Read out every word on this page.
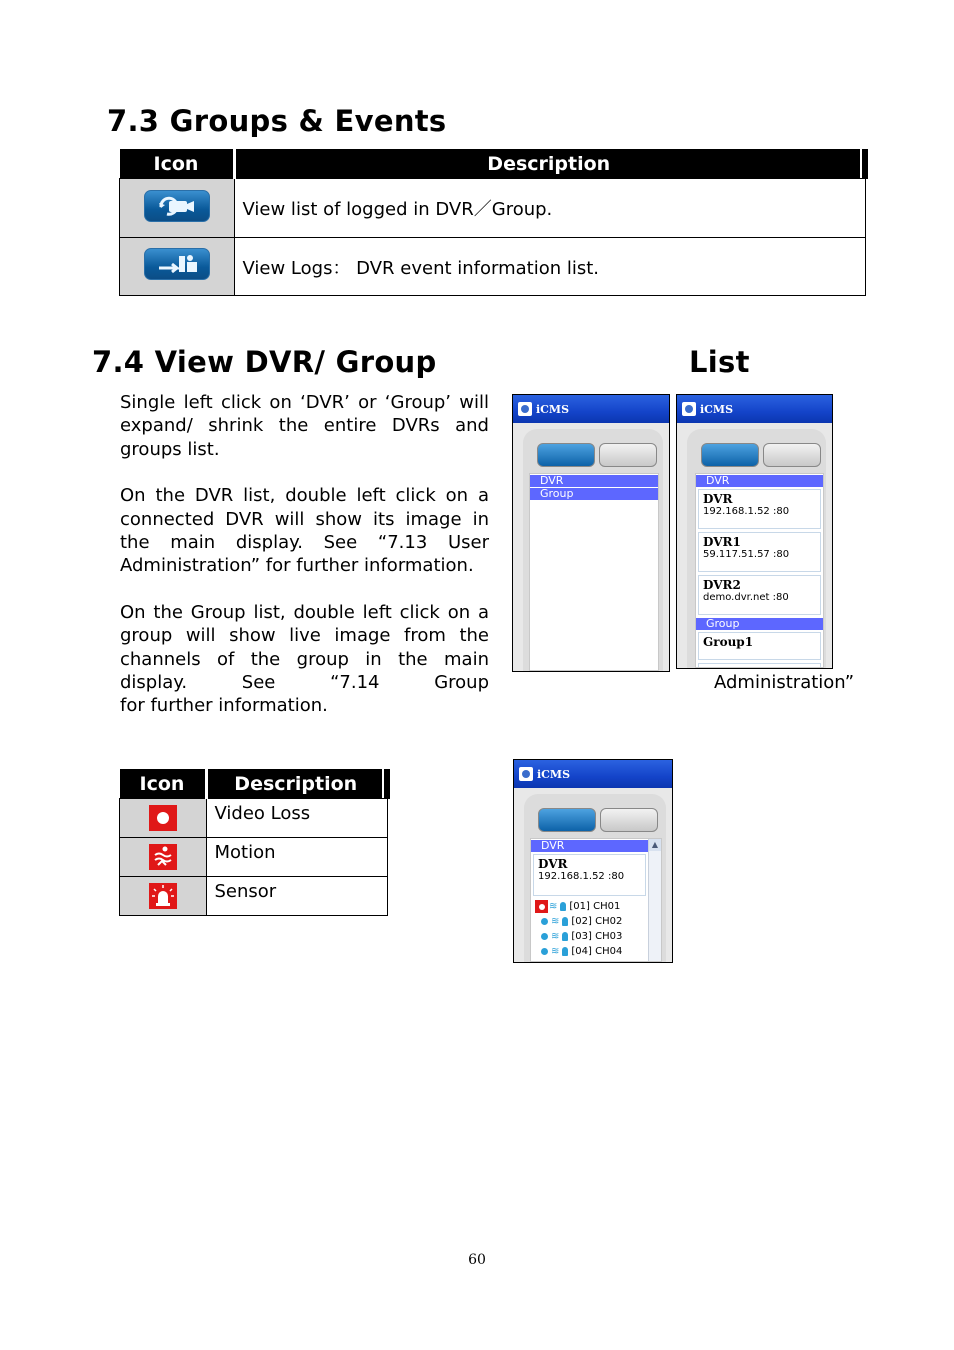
7.3 Groups & Events
Icon	Description

	View list of logged in DVR／Group.

	View Logs： DVR event information list.
7.4 View DVR/ Group	List

Single left click on ‘DVR’ or ‘Group’ will expand/ shrink the entire DVRs and groups list.

On the DVR list, double left click on a connected DVR will show its image in the main display. See “7.13 User Administration” for further information.

On the Group list, double left click on a group will show live image from the channels of the group in the main display. See “7.14 Group

for further information.

Administration”
iCMS
DVR
Group
iCMS
DVR
DVR
192.168.1.52 :80
DVR1
59.117.51.57 :80
DVR2
demo.dvr.net :80
Group
Group1
Icon	Description
	Video Loss
	Motion
	Sensor
iCMS
▲
DVR
DVR
192.168.1.52 :80
≋ [01] CH01
≋ [02] CH02
≋ [03] CH03
≋ [04] CH04
60
